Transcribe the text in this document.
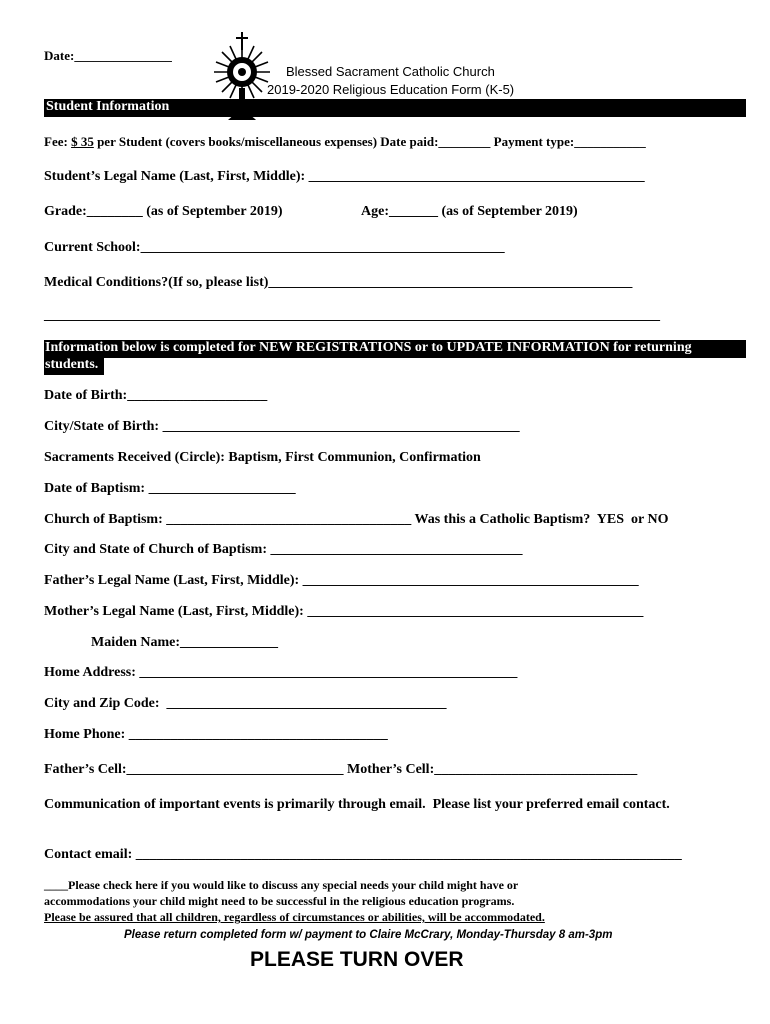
Date:_______________

Blessed Sacrament Catholic Church
2019-2020 Religious Education Form (K-5)
Student Information
Fee: $ 35 per Student (covers books/miscellaneous expenses) Date paid:________ Payment type:___________
Student’s Legal Name (Last, First, Middle): ________________________________________________
Grade:________ (as of September 2019)	Age:_______ (as of September 2019)
Current School:____________________________________________________
Medical Conditions?(If so, please list)____________________________________________________
________________________________________________________________________________________
Information below is completed for NEW REGISTRATIONS or to UPDATE INFORMATION for returning
students.
Date of Birth:____________________
City/State of Birth: ___________________________________________________
Sacraments Received (Circle): Baptism, First Communion, Confirmation
Date of Baptism: _____________________
Church of Baptism: ___________________________________ Was this a Catholic Baptism?  YES  or NO
City and State of Church of Baptism: ____________________________________
Father’s Legal Name (Last, First, Middle): ________________________________________________
Mother’s Legal Name (Last, First, Middle): ________________________________________________
Maiden Name:______________
Home Address: ______________________________________________________
City and Zip Code:  ________________________________________
Home Phone: _____________________________________
Father’s Cell:_______________________________ Mother’s Cell:_____________________________
Communication of important events is primarily through email.  Please list your preferred email contact.
Contact email: ______________________________________________________________________________
____Please check here if you would like to discuss any special needs your child might have or
accommodations your child might need to be successful in the religious education programs.
Please be assured that all children, regardless of circumstances or abilities, will be accommodated.
Please return completed form w/ payment to Claire McCrary, Monday-Thursday 8 am-3pm
PLEASE TURN OVER
